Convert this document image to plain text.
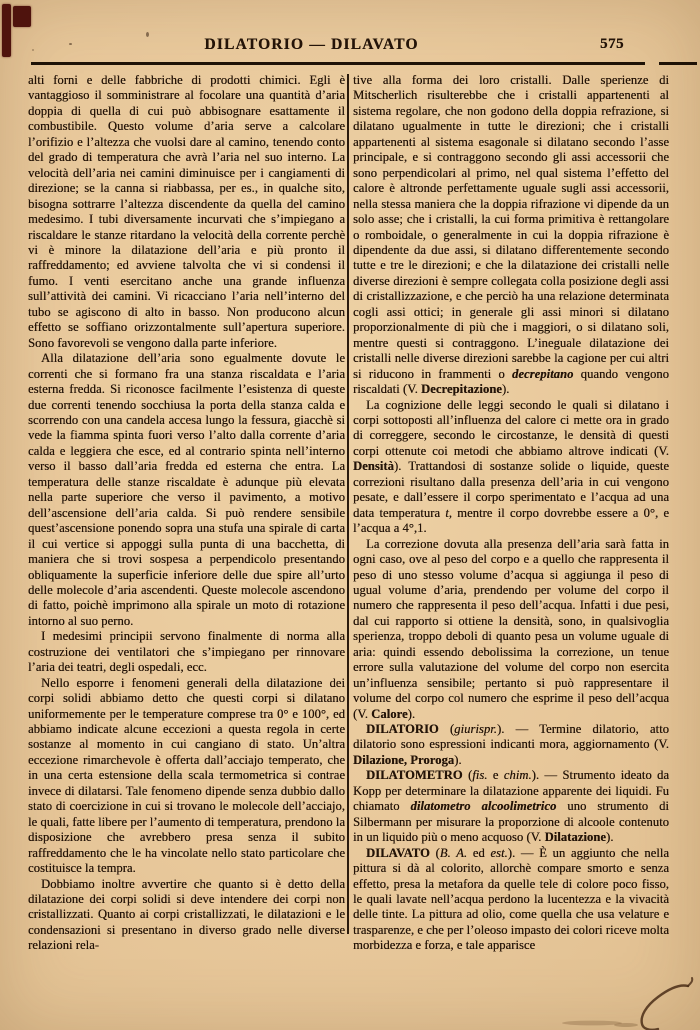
DILATORIO — DILAVATO	575

alti forni e delle fabbriche di prodotti chimici. Egli è vantaggioso il somministrare al focolare una quantità d’aria doppia di quella di cui può abbisognare esattamente il combustibile. Questo volume d’aria serve a calcolare l’orifizio e l’altezza che vuolsi dare al camino, tenendo conto del grado di temperatura che avrà l’aria nel suo interno. La velocità dell’aria nei camini diminuisce per i cangiamenti di direzione; se la canna si riabbassa, per es., in qualche sito, bisogna sottrarre l’altezza discendente da quella del camino medesimo. I tubi diversamente incurvati che s’impiegano a riscaldare le stanze ritardano la velocità della corrente perchè vi è minore la dilatazione dell’aria e più pronto il raffreddamento; ed avviene talvolta che vi si condensi il fumo. I venti esercitano anche una grande influenza sull’attività dei camini. Vi ricacciano l’aria nell’interno del tubo se agiscono di alto in basso. Non producono alcun effetto se soffiano orizzontalmente sull’apertura superiore. Sono favorevoli se vengono dalla parte inferiore.

Alla dilatazione dell’aria sono egualmente dovute le correnti che si formano fra una stanza riscaldata e l’aria esterna fredda. Si riconosce facilmente l’esistenza di queste due correnti tenendo socchiusa la porta della stanza calda e scorrendo con una candela accesa lungo la fessura, giacchè si vede la fiamma spinta fuori verso l’alto dalla corrente d’aria calda e leggiera che esce, ed al contrario spinta nell’interno verso il basso dall’aria fredda ed esterna che entra. La temperatura delle stanze riscaldate è adunque più elevata nella parte superiore che verso il pavimento, a motivo dell’ascensione dell’aria calda. Si può rendere sensibile quest’ascensione ponendo sopra una stufa una spirale di carta il cui vertice si appoggi sulla punta di una bacchetta, di maniera che si trovi sospesa a perpendicolo presentando obliquamente la superficie inferiore delle due spire all’urto delle molecole d’aria ascendenti. Queste molecole ascendono di fatto, poichè imprimono alla spirale un moto di rotazione intorno al suo perno.

I medesimi principii servono finalmente di norma alla costruzione dei ventilatori che s’impiegano per rinnovare l’aria dei teatri, degli ospedali, ecc.

Nello esporre i fenomeni generali della dilatazione dei corpi solidi abbiamo detto che questi corpi si dilatano uniformemente per le temperature comprese tra 0° e 100°, ed abbiamo indicate alcune eccezioni a questa regola in certe sostanze al momento in cui cangiano di stato. Un’altra eccezione rimarchevole è offerta dall’acciajo temperato, che in una certa estensione della scala termometrica si contrae invece di dilatarsi. Tale fenomeno dipende senza dubbio dallo stato di coercizione in cui si trovano le molecole dell’acciajo, le quali, fatte libere per l’aumento di temperatura, prendono la disposizione che avrebbero presa senza il subito raffreddamento che le ha vincolate nello stato particolare che costituisce la tempra.

Dobbiamo inoltre avvertire che quanto si è detto della dilatazione dei corpi solidi si deve intendere dei corpi non cristallizzati. Quanto ai corpi cristallizzati, le dilatazioni e le condensazioni si presentano in diverso grado nelle diverse relazioni rela-

tive alla forma dei loro cristalli. Dalle sperienze di Mitscherlich risulterebbe che i cristalli appartenenti al sistema regolare, che non godono della doppia refrazione, si dilatano ugualmente in tutte le direzioni; che i cristalli appartenenti al sistema esagonale si dilatano secondo l’asse principale, e si contraggono secondo gli assi accessorii che sono perpendicolari al primo, nel qual sistema l’effetto del calore è altronde perfettamente uguale sugli assi accessorii, nella stessa maniera che la doppia rifrazione vi dipende da un solo asse; che i cristalli, la cui forma primitiva è rettangolare o romboidale, o generalmente in cui la doppia rifrazione è dipendente da due assi, si dilatano differentemente secondo tutte e tre le direzioni; e che la dilatazione dei cristalli nelle diverse direzioni è sempre collegata colla posizione degli assi di cristallizzazione, e che perciò ha una relazione determinata cogli assi ottici; in generale gli assi minori si dilatano proporzionalmente di più che i maggiori, o si dilatano soli, mentre questi si contraggono. L’ineguale dilatazione dei cristalli nelle diverse direzioni sarebbe la cagione per cui altri si riducono in frammenti o decrepitano quando vengono riscaldati (V. Decrepitazione).

La cognizione delle leggi secondo le quali si dilatano i corpi sottoposti all’influenza del calore ci mette ora in grado di correggere, secondo le circostanze, le densità di questi corpi ottenute coi metodi che abbiamo altrove indicati (V. Densità). Trattandosi di sostanze solide o liquide, queste correzioni risultano dalla presenza dell’aria in cui vengono pesate, e dall’essere il corpo sperimentato e l’acqua ad una data temperatura t, mentre il corpo dovrebbe essere a 0°, e l’acqua a 4°,1.

La correzione dovuta alla presenza dell’aria sarà fatta in ogni caso, ove al peso del corpo e a quello che rappresenta il peso di uno stesso volume d’acqua si aggiunga il peso di ugual volume d’aria, prendendo per volume del corpo il numero che rappresenta il peso dell’acqua. Infatti i due pesi, dal cui rapporto si ottiene la densità, sono, in qualsivoglia sperienza, troppo deboli di quanto pesa un volume uguale di aria: quindi essendo debolissima la correzione, un tenue errore sulla valutazione del volume del corpo non esercita un’influenza sensibile; pertanto si può rappresentare il volume del corpo col numero che esprime il peso dell’acqua (V. Calore).

DILATORIO (giurispr.). — Termine dilatorio, atto dilatorio sono espressioni indicanti mora, aggiornamento (V. Dilazione, Proroga).

DILATOMETRO (fis. e chim.). — Strumento ideato da Kopp per determinare la dilatazione apparente dei liquidi. Fu chiamato dilatometro alcoolimetrico uno strumento di Silbermann per misurare la proporzione di alcoole contenuto in un liquido più o meno acquoso (V. Dilatazione).

DILAVATO (B. A. ed est.). — È un aggiunto che nella pittura si dà al colorito, allorchè compare smorto e senza effetto, presa la metafora da quelle tele di colore poco fisso, le quali lavate nell’acqua perdono la lucentezza e la vivacità delle tinte. La pittura ad olio, come quella che usa velature e trasparenze, e che per l’oleoso impasto dei colori riceve molta morbidezza e forza, e tale apparisce
